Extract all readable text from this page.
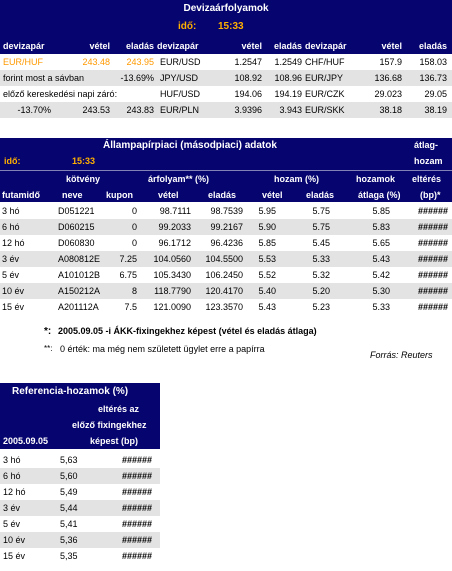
Devizaárfolyamok
idő: 15:33
devizapár	vétel	eladás devizapár	vétel	eladás devizapár	vétel	eladás
EUR/HUF	243.48	243.95 EUR/USD	1.2547	1.2549 CHF/HUF	157.9	158.03
forint most a sávban	-13.69% JPY/USD	108.92	108.96 EUR/JPY	136.68	136.73
előző kereskedési napi záró:	HUF/USD	194.06	194.19 EUR/CZK	29.023	29.05
-13.70%	243.53	243.83 EUR/PLN	3.9396	3.943 EUR/SKK	38.18	38.19
Állampapírpiaci (másodpiaci) adatok	átlag-
idő:	15:33	hozam
kötvény	árfolyam** (%)	hozam (%)	hozamok eltérés
futamidő neve	kupon	vétel	eladás	vétel	eladás	átlaga (%) (bp)*
3 hó	D051221	0	98.7111	98.7539	5.95	5.75	5.85	######
6 hó	D060215	0	99.2033	99.2167	5.90	5.75	5.83	######
12 hó	D060830	0	96.1712	96.4236	5.85	5.45	5.65	######
3 év	A080812E	7.25	104.0560	104.5500	5.53	5.33	5.43	######
5 év	A101012B	6.75	105.3430	106.2450	5.52	5.32	5.42	######
10 év	A150212A	8	118.7790	120.4170	5.40	5.20	5.30	######
15 év	A201112A	7.5	121.0090	123.3570	5.43	5.23	5.33	######
*: 2005.09.05 -i ÁKK-fixingekhez képest (vétel és eladás átlaga)
**: 0 érték: ma még nem született ügylet erre a papírra
Forrás: Reuters
Referencia-hozamok (%)
eltérés az
előző fixingekhez
2005.09.05	képest (bp)
3 hó	5,63	######
6 hó	5,60	######
12 hó	5,49	######
3 év	5,44	######
5 év	5,41	######
10 év	5,36	######
15 év	5,35	######
